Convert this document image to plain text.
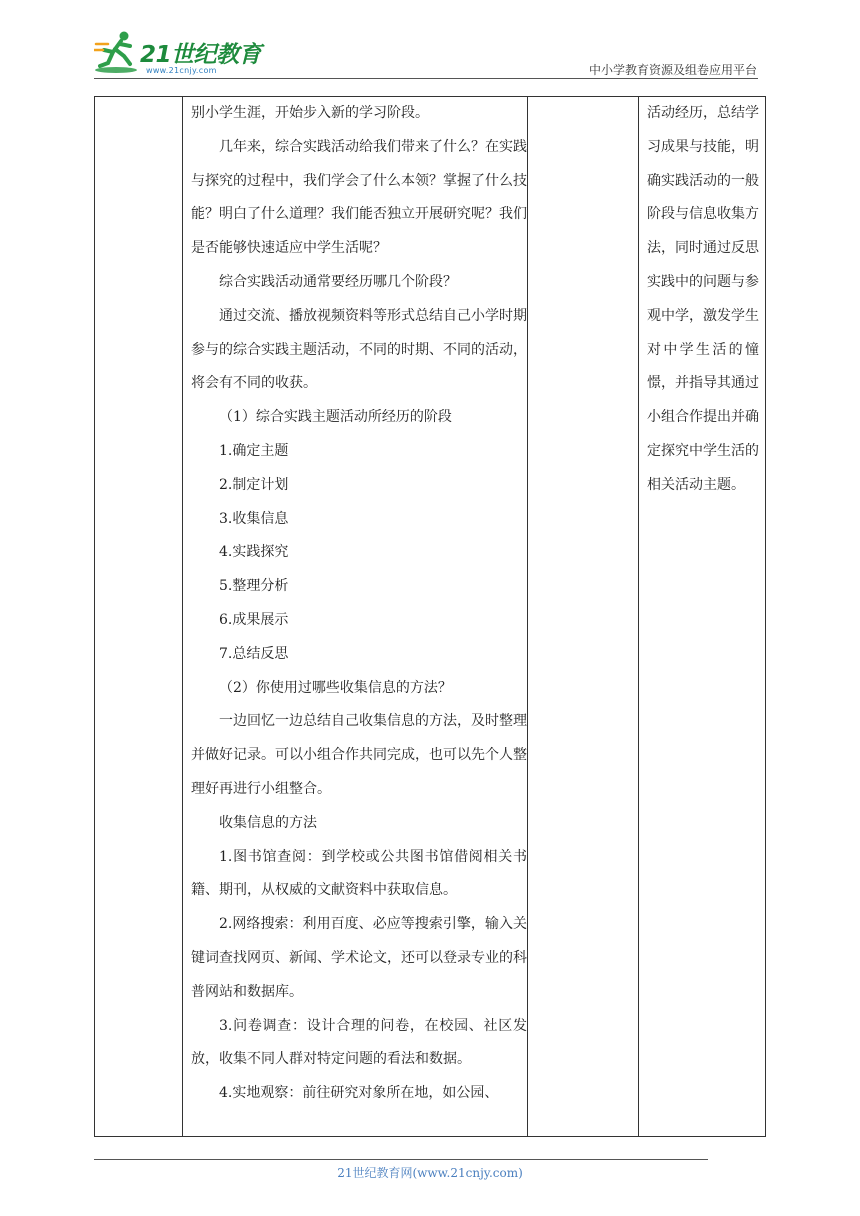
21世纪教育
www.21cnjy.com	中小学教育资源及组卷应用平台

别小学生涯，开始步入新的学习阶段。

几年来，综合实践活动给我们带来了什么？在实践与探究的过程中，我们学会了什么本领？掌握了什么技能？明白了什么道理？我们能否独立开展研究呢？我们是否能够快速适应中学生活呢？

综合实践活动通常要经历哪几个阶段？

通过交流、播放视频资料等形式总结自己小学时期参与的综合实践主题活动，不同的时期、不同的活动，将会有不同的收获。

（1）综合实践主题活动所经历的阶段

1.确定主题

2.制定计划

3.收集信息

4.实践探究

5.整理分析

6.成果展示

7.总结反思

（2）你使用过哪些收集信息的方法？

一边回忆一边总结自己收集信息的方法，及时整理并做好记录。可以小组合作共同完成，也可以先个人整理好再进行小组整合。

收集信息的方法

1.图书馆查阅：到学校或公共图书馆借阅相关书籍、期刊，从权威的文献资料中获取信息。

2.网络搜索：利用百度、必应等搜索引擎，输入关键词查找网页、新闻、学术论文，还可以登录专业的科普网站和数据库。

3.问卷调查：设计合理的问卷，在校园、社区发放，收集不同人群对特定问题的看法和数据。

4.实地观察：前往研究对象所在地，如公园、

活动经历，总结学习成果与技能，明确实践活动的一般阶段与信息收集方法，同时通过反思实践中的问题与参观中学，激发学生对中学生活的憧憬，并指导其通过小组合作提出并确定探究中学生活的相关活动主题。
21世纪教育网(www.21cnjy.com)
